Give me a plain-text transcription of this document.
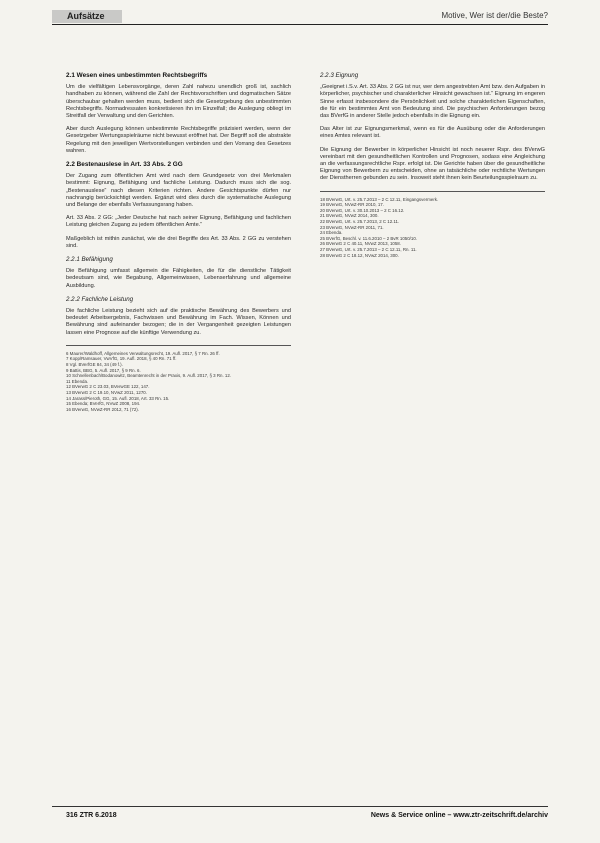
Aufsätze	Motive, Wer ist der/die Beste?
2.1 Wesen eines unbestimmten Rechtsbegriffs

Um die vielfältigen Lebensvorgänge, deren Zahl nahezu unendlich groß ist, sachlich handhaben zu können, während die Zahl der Rechtsvorschriften und dogmatischen Sätze überschaubar gehalten werden muss, bedient sich die Gesetzgebung des unbestimmten Rechtsbegriffs. Normadressaten konkretisieren ihn im Einzelfall; die Auslegung obliegt im Streitfall der Verwaltung und den Gerichten.

Aber durch Auslegung können unbestimmte Rechtsbegriffe präzisiert werden, wenn der Gesetzgeber Wertungsspielräume nicht bewusst eröffnet hat. Der Begriff soll die abstrakte Regelung mit den jeweiligen Wertvorstellungen verbinden und den Vorrang des Gesetzes wahren.

2.2 Bestenauslese in Art. 33 Abs. 2 GG

Der Zugang zum öffentlichen Amt wird nach dem Grundgesetz von drei Merkmalen bestimmt: Eignung, Befähigung und fachliche Leistung. Dadurch muss sich die sog. „Bestenauslese“ nach diesen Kriterien richten. Andere Gesichtspunkte dürfen nur nachrangig berücksichtigt werden. Ergänzt wird dies durch die systematische Auslegung und Belange der ebenfalls Verfassungsrang haben.

Art. 33 Abs. 2 GG: „Jeder Deutsche hat nach seiner Eignung, Befähigung und fachlichen Leistung gleichen Zugang zu jedem öffentlichen Amte.“

Maßgeblich ist mithin zunächst, wie die drei Begriffe des Art. 33 Abs. 2 GG zu verstehen sind.

2.2.1 Befähigung

Die Befähigung umfasst allgemein die Fähigkeiten, die für die dienstliche Tätigkeit bedeutsam sind, wie Begabung, Allgemeinwissen, Lebenserfahrung und allgemeine Ausbildung.

2.2.2 Fachliche Leistung

Die fachliche Leistung bezieht sich auf die praktische Bewährung des Bewerbers und bedeutet Arbeitsergebnis, Fachwissen und Bewährung im Fach. Wissen, Können und Bewährung sind aufeinander bezogen; die in der Vergangenheit gezeigten Leistungen lassen eine Prognose auf die künftige Verwendung zu.

6 Maurer/Waldhoff, Allgemeines Verwaltungsrecht, 19. Aufl. 2017, § 7 Rn. 26 ff.

7 Kopp/Ramsauer, VwVfG, 19. Aufl. 2018, § 40 Rn. 71 ff.

8 Vgl. BVerfGE 84, 34 (49 f.).

9 Battis, BBG, 5. Aufl. 2017, § 9 Rn. 6.

10 Schnellenbach/Bodanowitz, Beamtenrecht in der Praxis, 9. Aufl. 2017, § 3 Rn. 12.

11 Ebenda.

12 BVerwG 2 C 23.03, BVerwGE 122, 147.

13 BVerwG 2 C 19.10, NVwZ 2011, 1270.

14 Jarass/Pieroth, GG, 15. Aufl. 2018, Art. 33 Rn. 15.

15 Ebenda; BVerfG, NVwZ 2008, 194.

16 BVerwG, NVwZ-RR 2012, 71 (72).

2.2.3 Eignung

„Geeignet i.S.v. Art. 33 Abs. 2 GG ist nur, wer dem angestrebten Amt bzw. den Aufgaben in körperlicher, psychischer und charakterlicher Hinsicht gewachsen ist.“ Eignung im engeren Sinne erfasst insbesondere die Persönlichkeit und solche charakterlichen Eigenschaften, die für ein bestimmtes Amt von Bedeutung sind. Die psychischen Anforderungen bezog das BVerfG in anderer Stelle jedoch ebenfalls in die Eignung ein.

Das Alter ist zur Eignungsmerkmal, wenn es für die Ausübung oder die Anforderungen eines Amtes relevant ist.

Die Eignung der Bewerber in körperlicher Hinsicht ist noch neuerer Rspr. des BVerwG vereinbart mit den gesundheitlichen Kontrollen und Prognosen, sodass eine Angleichung an die verfassungsrechtliche Rspr. erfolgt ist. Die Gerichte haben über die gesundheitliche Eignung von Bewerbern zu entscheiden, ohne an tatsächliche oder rechtliche Wertungen der Dienstherren gebunden zu sein. Insoweit steht ihnen kein Beurteilungsspielraum zu.

18 BVerwG, Urt. v. 25.7.2013 – 2 C 12.11, Eingangsvermerk.

19 BVerwG, NVwZ-RR 2010, 17.

20 BVerwG, Urt. v. 30.10.2013 – 2 C 16.12.

21 BVerwG, NVwZ 2014, 300.

22 BVerwG, Urt. v. 25.7.2013, 2 C 12.11.

23 BVerwG, NVwZ-RR 2011, 71.

24 Ebenda.

25 BVerfG, Beschl. v. 11.6.2010 – 2 BvR 1050/10.

26 BVerwG 2 C 40.11, NVwZ 2013, 1058.

27 BVerwG, Urt. v. 25.7.2013 – 2 C 12.11, Rn. 11.

28 BVerwG 2 C 18.12, NVwZ 2014, 300.

316 ZTR 6.2018	News & Service online – www.ztr-zeitschrift.de/archiv
